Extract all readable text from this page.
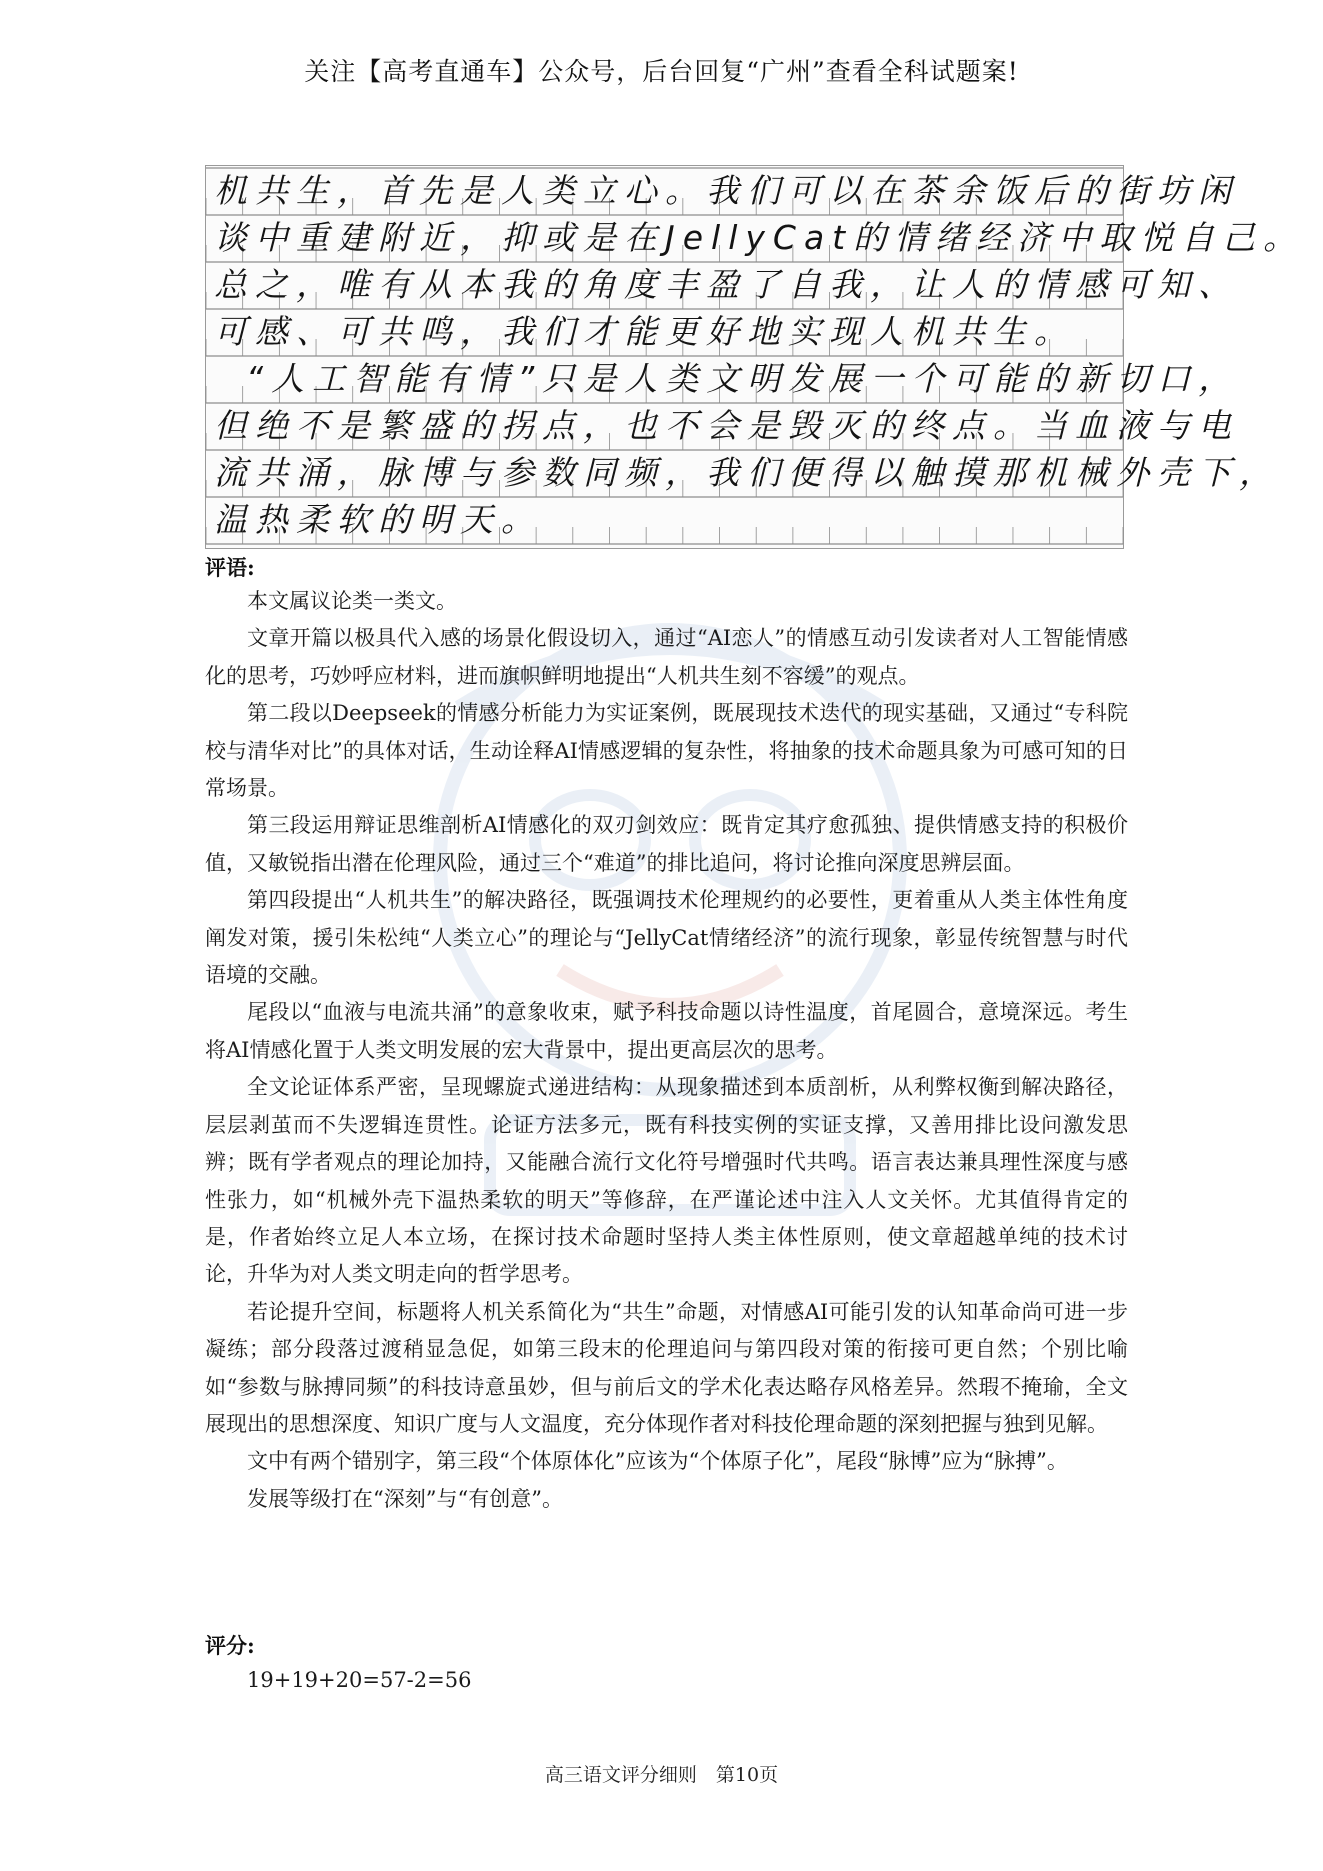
关注【高考直通车】公众号，后台回复“广州”查看全科试题案!
机共生，首先是人类立心。我们可以在茶余饭后的街坊闲
谈中重建附近，抑或是在JellyCat的情绪经济中取悦自己。
总之，唯有从本我的角度丰盈了自我，让人的情感可知、
可感、可共鸣，我们才能更好地实现人机共生。
“人工智能有情”只是人类文明发展一个可能的新切口，
但绝不是繁盛的拐点，也不会是毁灭的终点。当血液与电
流共涌，脉博与参数同频，我们便得以触摸那机械外壳下，
温热柔软的明天。
评语:

本文属议论类一类文。

文章开篇以极具代入感的场景化假设切入，通过“AI恋人”的情感互动引发读者对人工智能情感化的思考，巧妙呼应材料，进而旗帜鲜明地提出“人机共生刻不容缓”的观点。

第二段以Deepseek的情感分析能力为实证案例，既展现技术迭代的现实基础，又通过“专科院校与清华对比”的具体对话，生动诠释AI情感逻辑的复杂性，将抽象的技术命题具象为可感可知的日常场景。

第三段运用辩证思维剖析AI情感化的双刃剑效应：既肯定其疗愈孤独、提供情感支持的积极价值，又敏锐指出潜在伦理风险，通过三个“难道”的排比追问，将讨论推向深度思辨层面。

第四段提出“人机共生”的解决路径，既强调技术伦理规约的必要性，更着重从人类主体性角度阐发对策，援引朱松纯“人类立心”的理论与“JellyCat情绪经济”的流行现象，彰显传统智慧与时代语境的交融。

尾段以“血液与电流共涌”的意象收束，赋予科技命题以诗性温度，首尾圆合，意境深远。考生将AI情感化置于人类文明发展的宏大背景中，提出更高层次的思考。

全文论证体系严密，呈现螺旋式递进结构：从现象描述到本质剖析，从利弊权衡到解决路径，层层剥茧而不失逻辑连贯性。论证方法多元，既有科技实例的实证支撑，又善用排比设问激发思辨；既有学者观点的理论加持，又能融合流行文化符号增强时代共鸣。语言表达兼具理性深度与感性张力，如“机械外壳下温热柔软的明天”等修辞，在严谨论述中注入人文关怀。尤其值得肯定的是，作者始终立足人本立场，在探讨技术命题时坚持人类主体性原则，使文章超越单纯的技术讨论，升华为对人类文明走向的哲学思考。

若论提升空间，标题将人机关系简化为“共生”命题，对情感AI可能引发的认知革命尚可进一步凝练；部分段落过渡稍显急促，如第三段末的伦理追问与第四段对策的衔接可更自然；个别比喻如“参数与脉搏同频”的科技诗意虽妙，但与前后文的学术化表达略存风格差异。然瑕不掩瑜，全文展现出的思想深度、知识广度与人文温度，充分体现作者对科技伦理命题的深刻把握与独到见解。

文中有两个错别字，第三段“个体原体化”应该为“个体原子化”，尾段“脉博”应为“脉搏”。

发展等级打在“深刻”与“有创意”。

评分:
19+19+20=57-2=56
高三语文评分细则　第10页
